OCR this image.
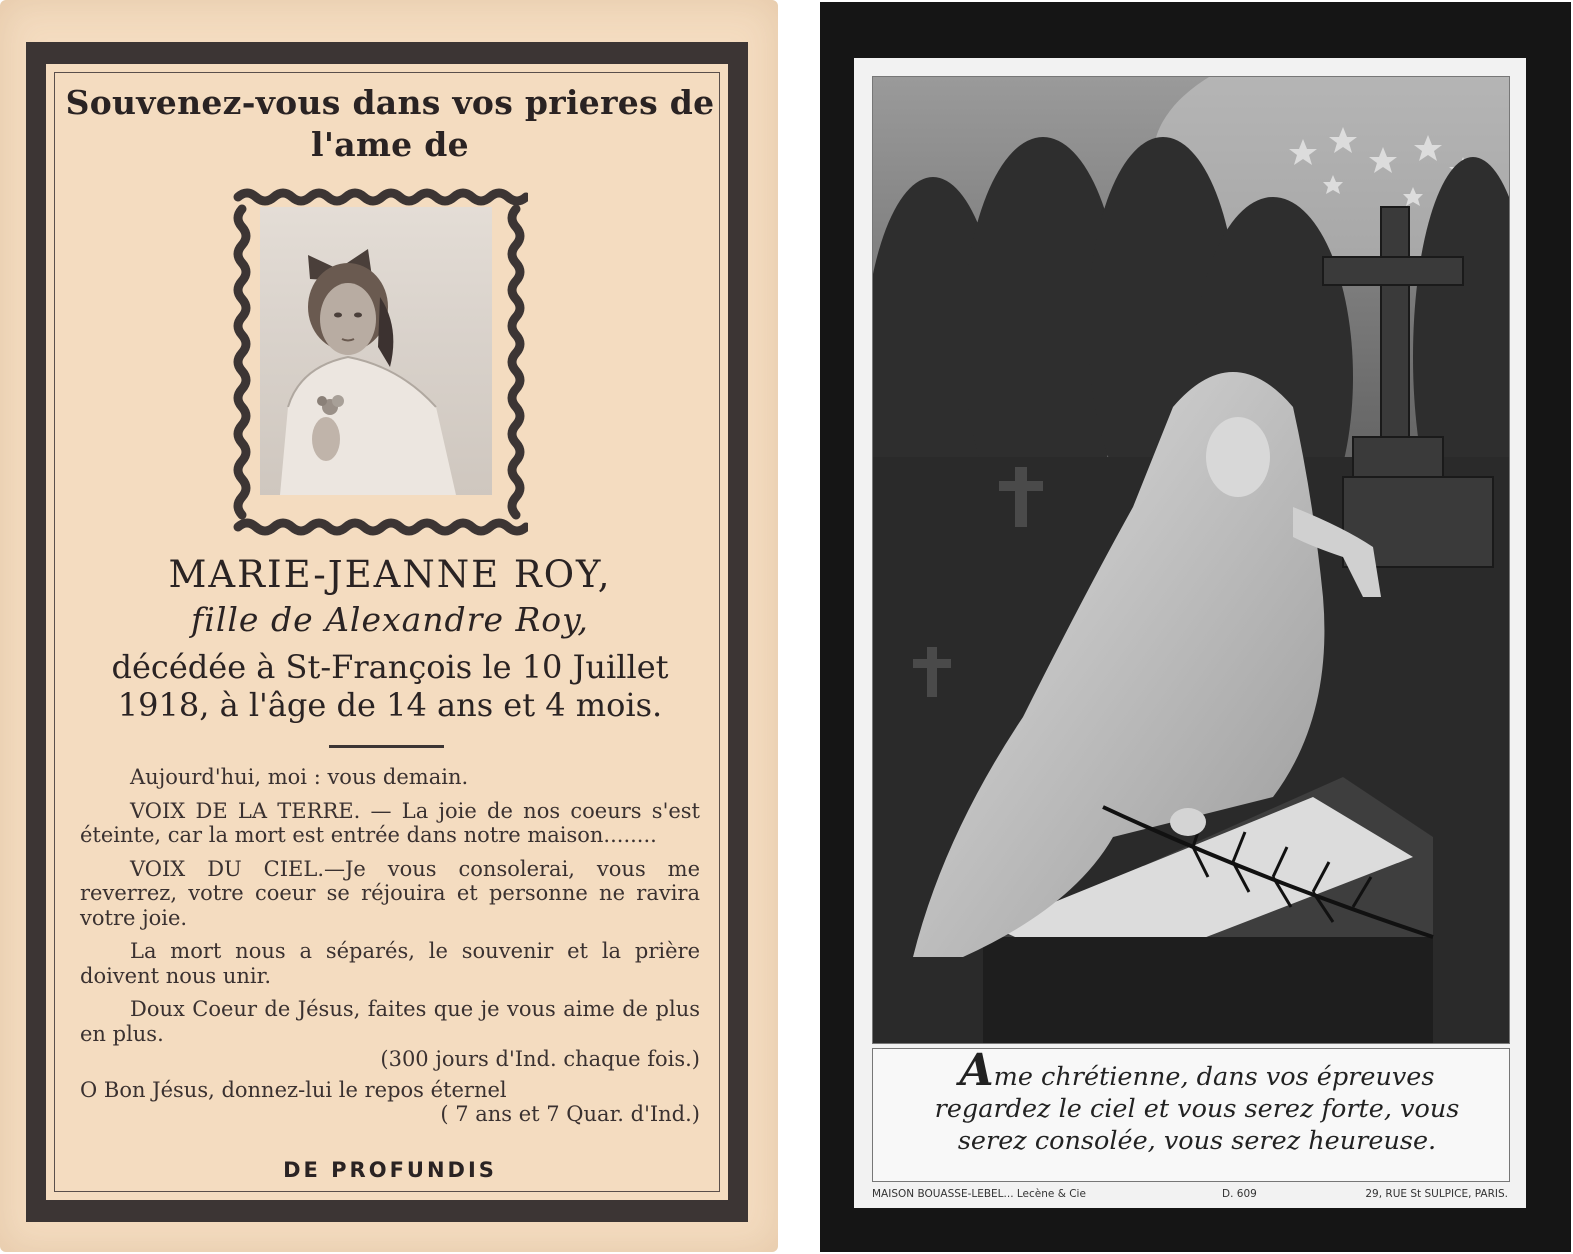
Souvenez-vous dans vos prieres de
l'ame de
MARIE-JEANNE ROY,
fille de Alexandre Roy,
décédée à St-François le 10 Juillet
1918, à l'âge de 14 ans et 4 mois.

Aujourd'hui, moi : vous demain.

VOIX DE LA TERRE. — La joie de nos coeurs s'est éteinte, car la mort est entrée dans notre maison........

VOIX DU CIEL.—Je vous consolerai, vous me reverrez, votre coeur se réjouira et personne ne ravira votre joie.

La mort nous a séparés, le souvenir et la prière doivent nous unir.

Doux Coeur de Jésus, faites que je vous aime de plus en plus.

(300 jours d'Ind. chaque fois.)

O Bon Jésus, donnez-lui le repos éternel

( 7 ans et 7 Quar. d'Ind.)

DE PROFUNDIS
Ame chrétienne, dans vos épreuves
regardez le ciel et vous serez forte, vous
serez consolée, vous serez heureuse.
MAISON BOUASSE-LEBEL... Lecène & Cie	D. 609	29, RUE St SULPICE, PARIS.
